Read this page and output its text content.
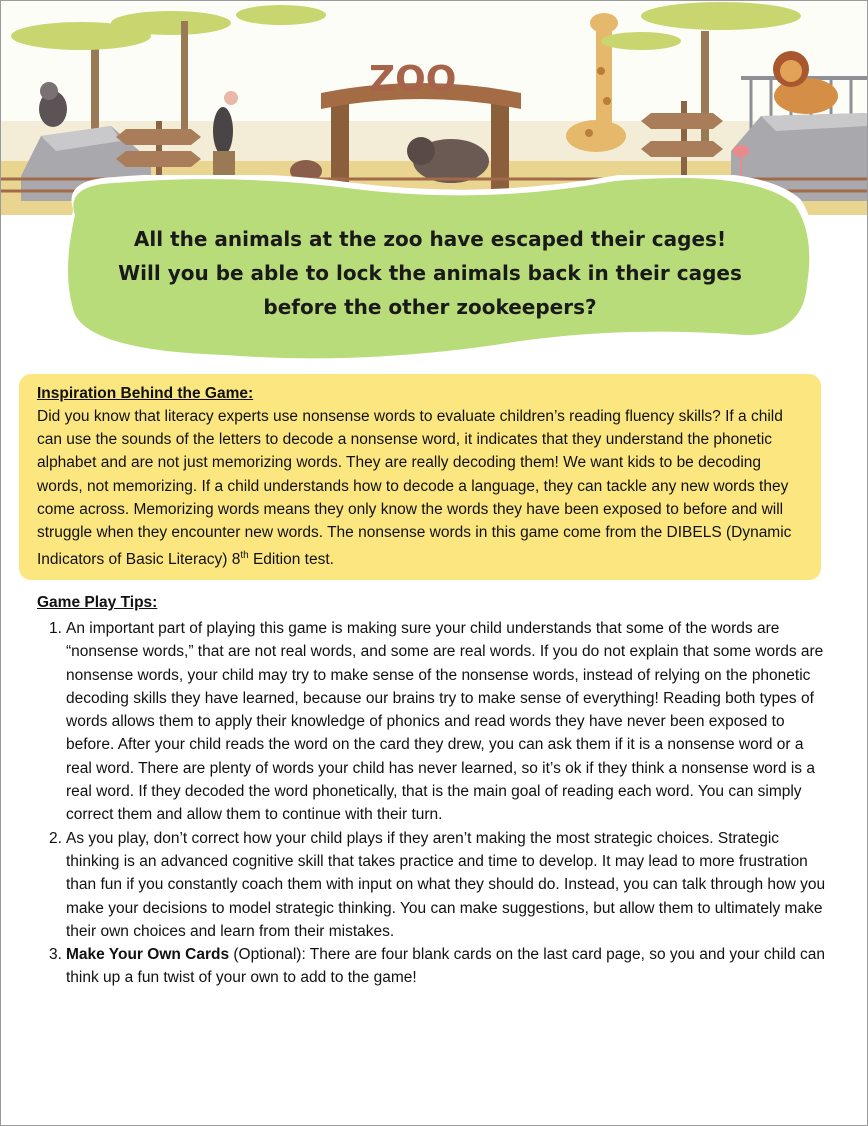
ZOO
All the animals at the zoo have escaped their cages!
Will you be able to lock the animals back in their cages
before the other zookeepers?
Inspiration Behind the Game:

Did you know that literacy experts use nonsense words to evaluate children’s reading fluency skills? If a child can use the sounds of the letters to decode a nonsense word, it indicates that they understand the phonetic alphabet and are not just memorizing words. They are really decoding them! We want kids to be decoding words, not memorizing. If a child understands how to decode a language, they can tackle any new words they come across. Memorizing words means they only know the words they have been exposed to before and will struggle when they encounter new words. The nonsense words in this game come from the DIBELS (Dynamic Indicators of Basic Literacy) 8th Edition test.

Game Play Tips:
1. An important part of playing this game is making sure your child understands that some of the words are “nonsense words,” that are not real words, and some are real words. If you do not explain that some words are nonsense words, your child may try to make sense of the nonsense words, instead of relying on the phonetic decoding skills they have learned, because our brains try to make sense of everything! Reading both types of words allows them to apply their knowledge of phonics and read words they have never been exposed to before. After your child reads the word on the card they drew, you can ask them if it is a nonsense word or a real word. There are plenty of words your child has never learned, so it’s ok if they think a nonsense word is a real word. If they decoded the word phonetically, that is the main goal of reading each word. You can simply correct them and allow them to continue with their turn.
2. As you play, don’t correct how your child plays if they aren’t making the most strategic choices. Strategic thinking is an advanced cognitive skill that takes practice and time to develop. It may lead to more frustration than fun if you constantly coach them with input on what they should do. Instead, you can talk through how you make your decisions to model strategic thinking. You can make suggestions, but allow them to ultimately make their own choices and learn from their mistakes.
3. Make Your Own Cards (Optional): There are four blank cards on the last card page, so you and your child can think up a fun twist of your own to add to the game!
